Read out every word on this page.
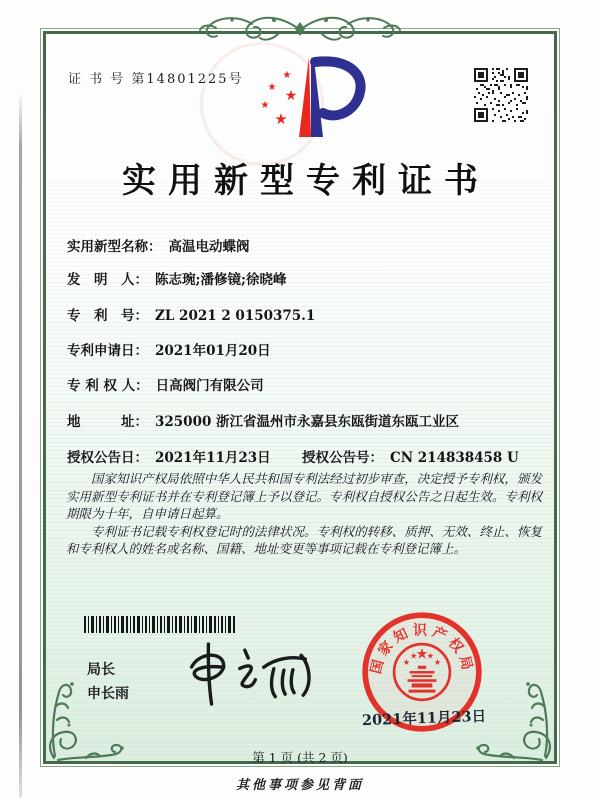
证 书 号 第14801225号	★
★
★
★
★
实用新型专利证书
实用新型名称： 高温电动蝶阀
发　明　人： 陈志琬;潘修镜;徐晓峰
专　利　号： ZL 2021 2 0150375.1
专利申请日： 2021年01月20日
专 利 权 人： 日高阀门有限公司
地　　　址： 325000 浙江省温州市永嘉县东瓯街道东瓯工业区
授权公告日： 2021年11月23日 授权公告号： CN 214838458 U

国家知识产权局依照中华人民共和国专利法经过初步审查，决定授予专利权，颁发实用新型专利证书并在专利登记簿上予以登记。专利权自授权公告之日起生效。专利权期限为十年，自申请日起算。

专利证书记载专利权登记时的法律状况。专利权的转移、质押、无效、终止、恢复和专利权人的姓名或名称、国籍、地址变更等事项记载在专利登记簿上。

局长
申长雨
国家知识产权局
★
★
★ ★
★
2021年11月23日
第 1 页 (共 2 页)
其他事项参见背面
